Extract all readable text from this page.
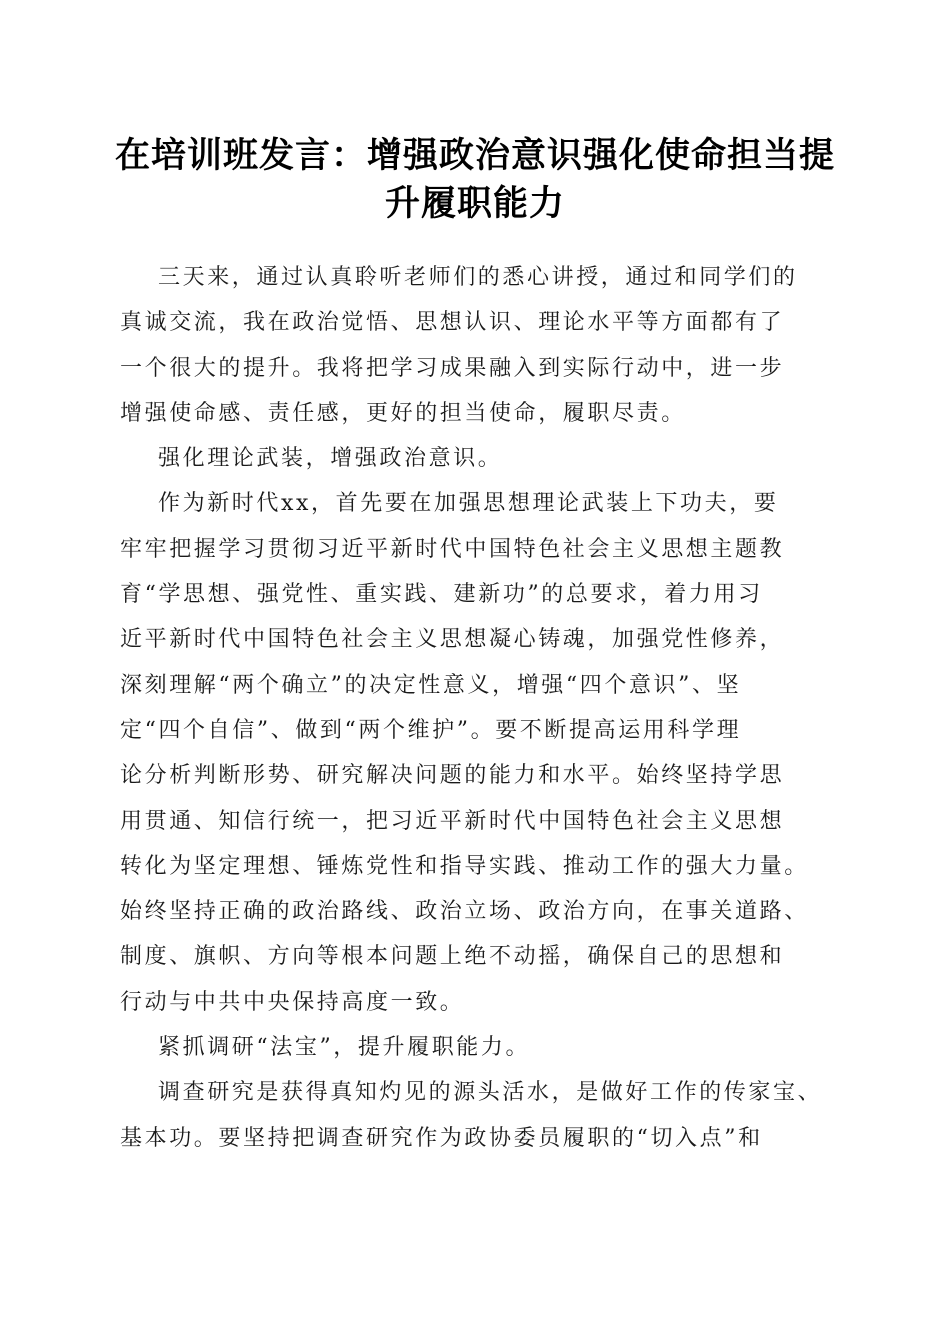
在培训班发言：增强政治意识强化使命担当提
升履职能力

三天来，通过认真聆听老师们的悉心讲授，通过和同学们的
真诚交流，我在政治觉悟、思想认识、理论水平等方面都有了
一个很大的提升。我将把学习成果融入到实际行动中，进一步
增强使命感、责任感，更好的担当使命，履职尽责。

强化理论武装，增强政治意识。

作为新时代xx，首先要在加强思想理论武装上下功夫，要
牢牢把握学习贯彻习近平新时代中国特色社会主义思想主题教
育“学思想、强党性、重实践、建新功”的总要求，着力用习
近平新时代中国特色社会主义思想凝心铸魂，加强党性修养，
深刻理解“两个确立”的决定性意义，增强“四个意识”、坚
定“四个自信”、做到“两个维护”。要不断提高运用科学理
论分析判断形势、研究解决问题的能力和水平。始终坚持学思
用贯通、知信行统一，把习近平新时代中国特色社会主义思想
转化为坚定理想、锤炼党性和指导实践、推动工作的强大力量。
始终坚持正确的政治路线、政治立场、政治方向，在事关道路、
制度、旗帜、方向等根本问题上绝不动摇，确保自己的思想和
行动与中共中央保持高度一致。

紧抓调研“法宝”，提升履职能力。

调查研究是获得真知灼见的源头活水，是做好工作的传家宝、
基本功。要坚持把调查研究作为政协委员履职的“切入点”和
